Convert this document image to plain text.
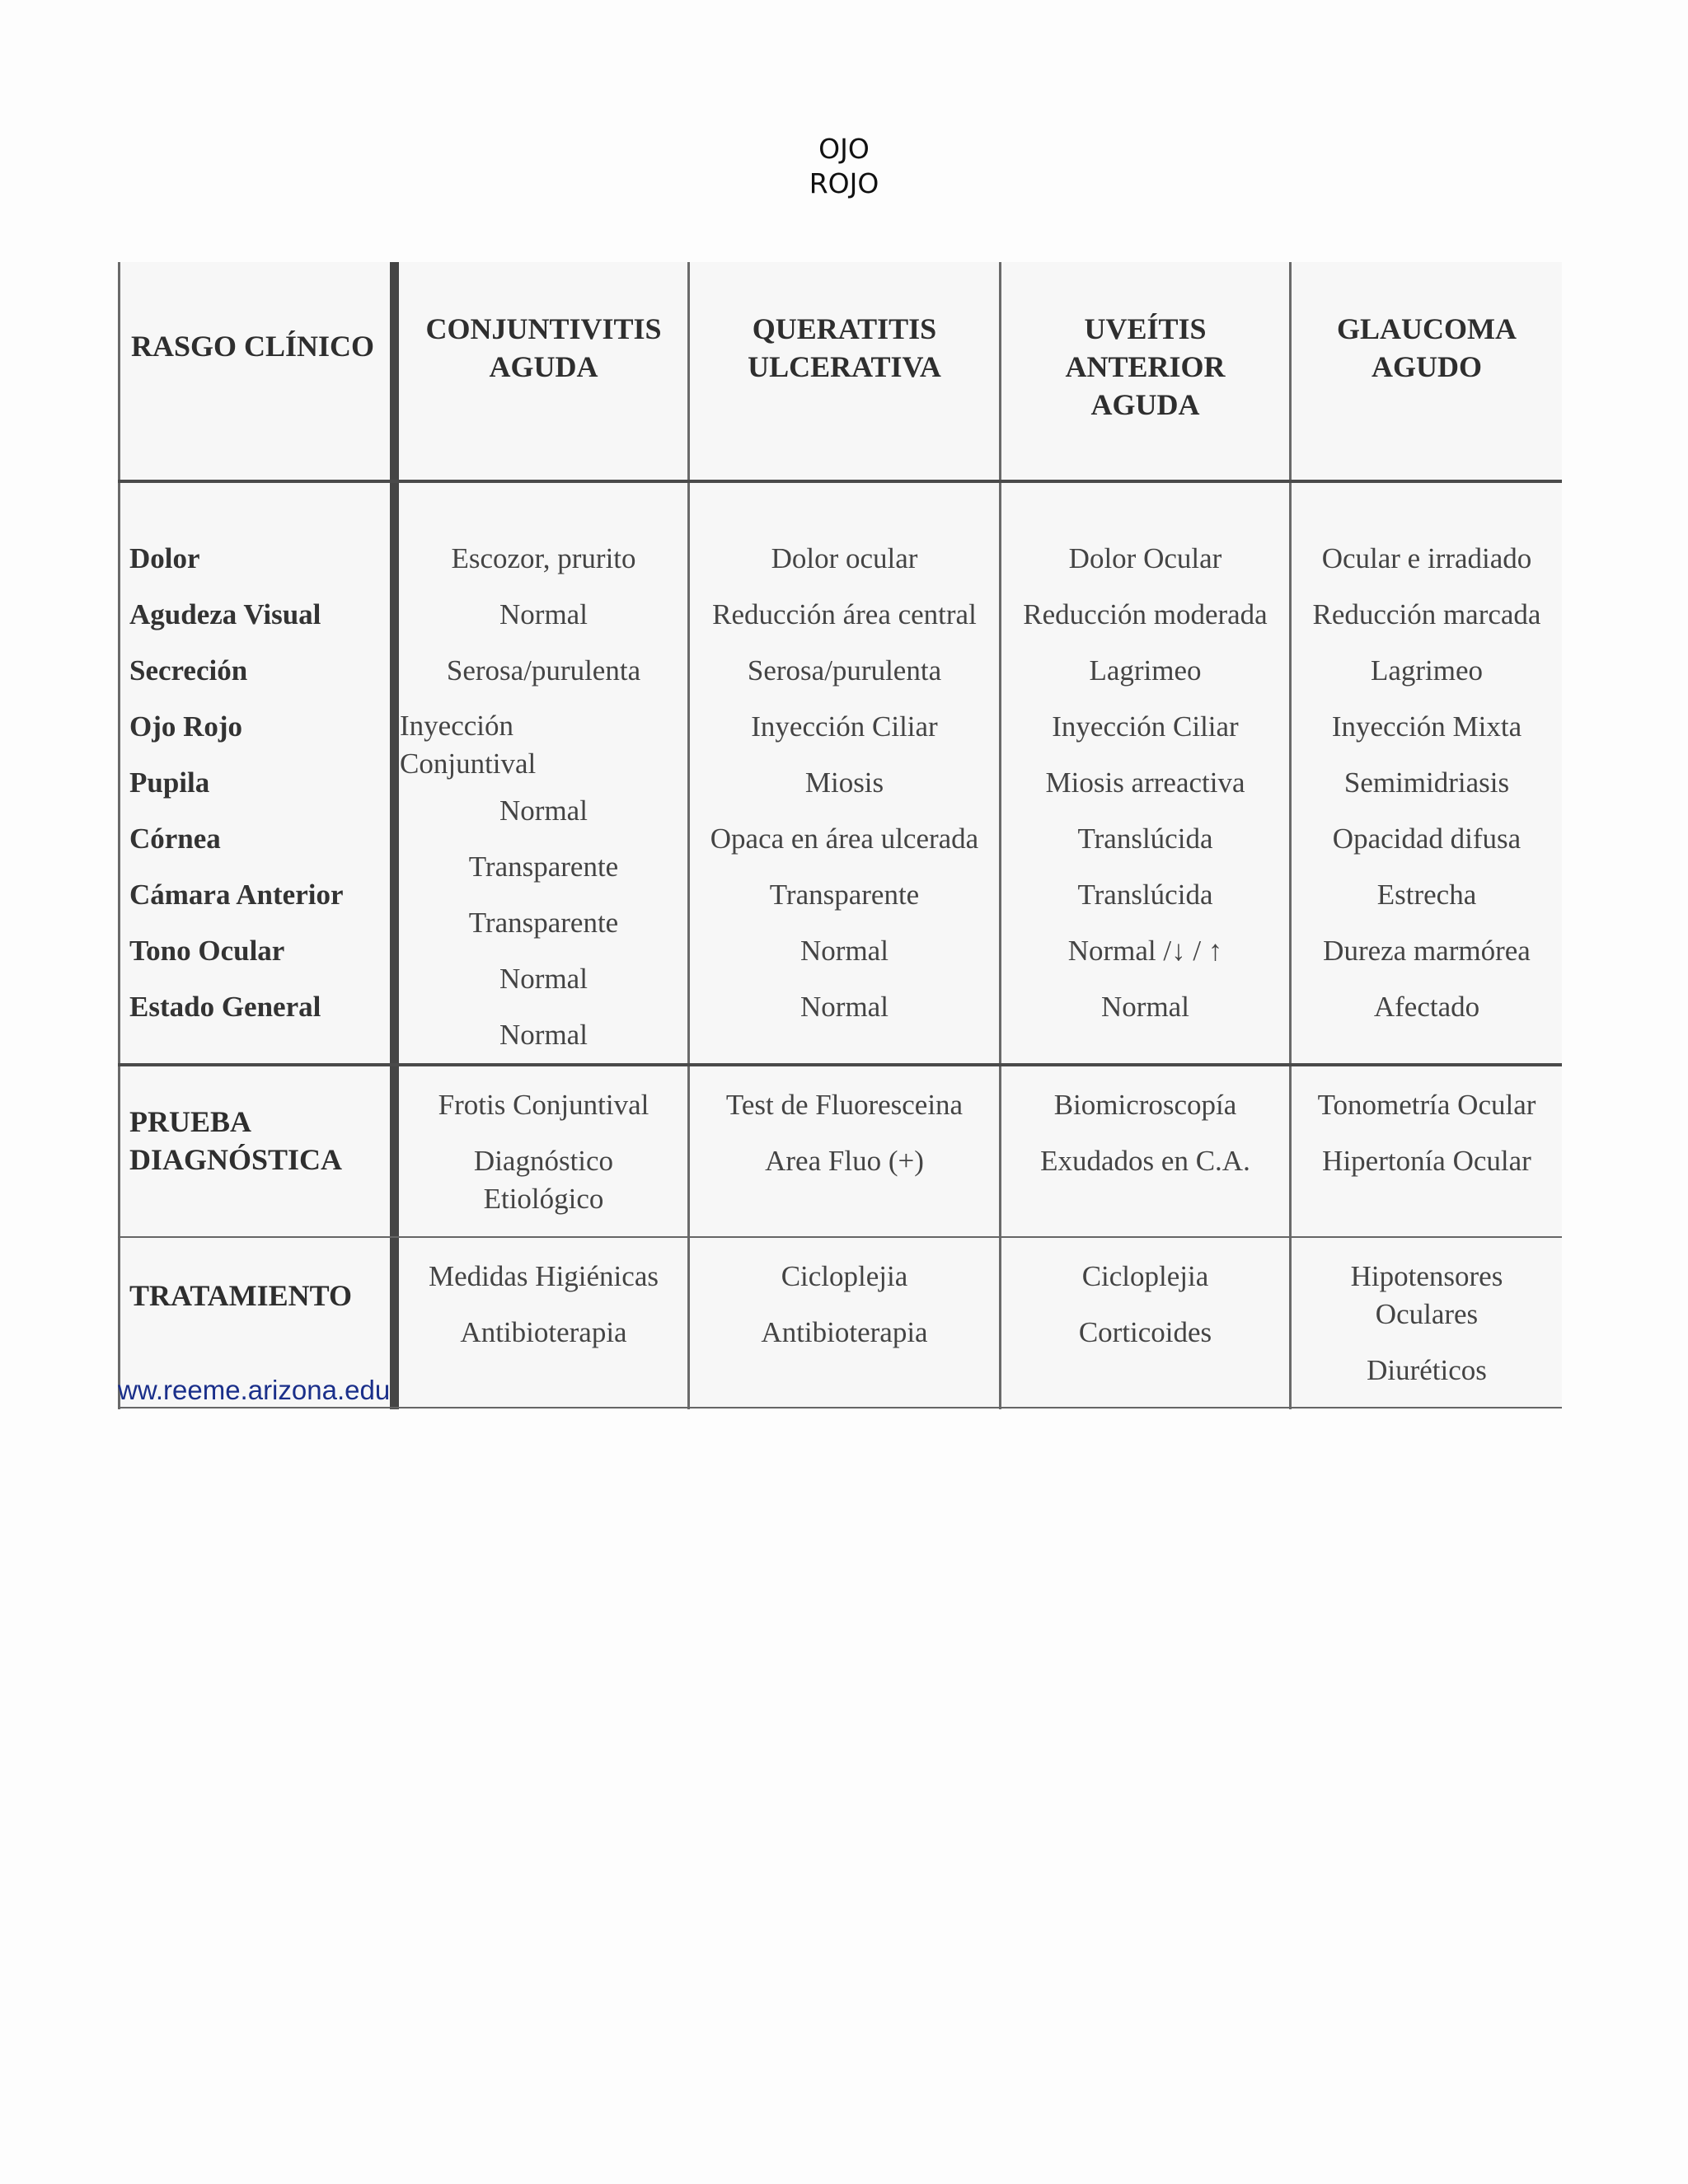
OJO
ROJO
RASGO CLÍNICO
CONJUNTIVITIS
AGUDA
QUERATITIS
ULCERATIVA
UVEÍTIS
ANTERIOR
AGUDA
GLAUCOMA
AGUDO
Dolor
Agudeza Visual
Secreción
Ojo Rojo
Pupila
Córnea
Cámara Anterior
Tono Ocular
Estado General
Escozor, prurito
Normal
Serosa/purulenta
Inyección
Conjuntival
Normal
Transparente
Transparente
Normal
Normal
Dolor ocular
Reducción área central
Serosa/purulenta
Inyección Ciliar
Miosis
Opaca en área ulcerada
Transparente
Normal
Normal
Dolor Ocular
Reducción moderada
Lagrimeo
Inyección Ciliar
Miosis arreactiva
Translúcida
Translúcida
Normal /↓ / ↑
Normal
Ocular e irradiado
Reducción marcada
Lagrimeo
Inyección Mixta
Semimidriasis
Opacidad difusa
Estrecha
Dureza marmórea
Afectado
PRUEBA
DIAGNÓSTICA
Frotis Conjuntival
Diagnóstico Etiológico
Test de Fluoresceina
Area Fluo (+)
Biomicroscopía
Exudados en C.A.
Tonometría Ocular
Hipertonía Ocular
TRATAMIENTO
Medidas Higiénicas
Antibioterapia
Cicloplejia
Antibioterapia
Cicloplejia
Corticoides
Hipotensores Oculares
Diuréticos
ww.reeme.arizona.edu
